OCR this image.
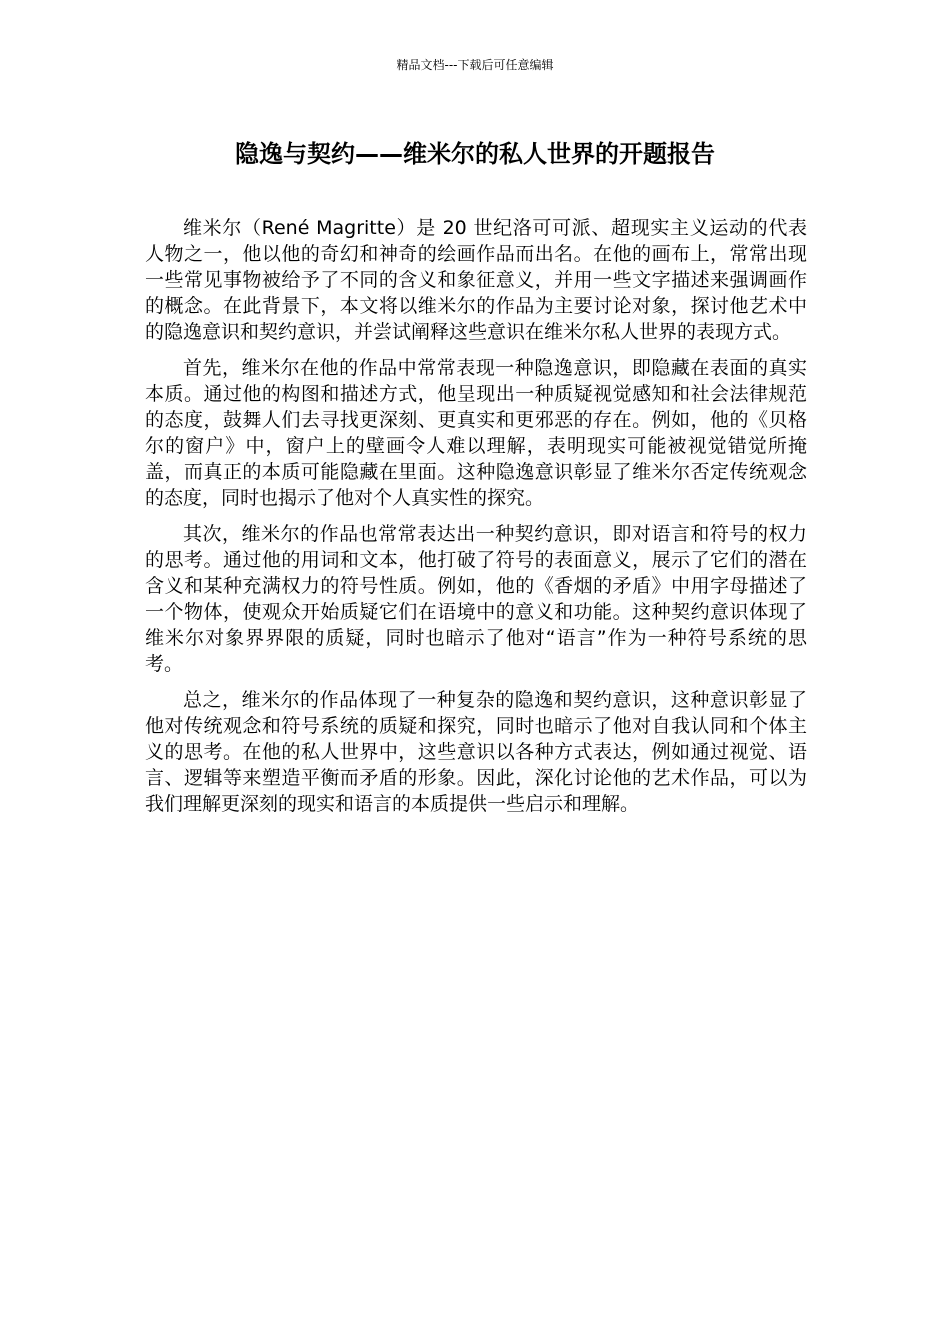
精品文档---下载后可任意编辑
隐逸与契约——维米尔的私人世界的开题报告

维米尔（René Magritte）是 20 世纪洛可可派、超现实主义运动的代表人物之一，他以他的奇幻和神奇的绘画作品而出名。在他的画布上，常常出现一些常见事物被给予了不同的含义和象征意义，并用一些文字描述来强调画作的概念。在此背景下，本文将以维米尔的作品为主要讨论对象，探讨他艺术中的隐逸意识和契约意识，并尝试阐释这些意识在维米尔私人世界的表现方式。

首先，维米尔在他的作品中常常表现一种隐逸意识，即隐藏在表面的真实本质。通过他的构图和描述方式，他呈现出一种质疑视觉感知和社会法律规范的态度，鼓舞人们去寻找更深刻、更真实和更邪恶的存在。例如，他的《贝格尔的窗户》中，窗户上的壁画令人难以理解，表明现实可能被视觉错觉所掩盖，而真正的本质可能隐藏在里面。这种隐逸意识彰显了维米尔否定传统观念的态度，同时也揭示了他对个人真实性的探究。

其次，维米尔的作品也常常表达出一种契约意识，即对语言和符号的权力的思考。通过他的用词和文本，他打破了符号的表面意义，展示了它们的潜在含义和某种充满权力的符号性质。例如，他的《香烟的矛盾》中用字母描述了一个物体，使观众开始质疑它们在语境中的意义和功能。这种契约意识体现了维米尔对象界界限的质疑，同时也暗示了他对“语言”作为一种符号系统的思考。

总之，维米尔的作品体现了一种复杂的隐逸和契约意识，这种意识彰显了他对传统观念和符号系统的质疑和探究，同时也暗示了他对自我认同和个体主义的思考。在他的私人世界中，这些意识以各种方式表达，例如通过视觉、语言、逻辑等来塑造平衡而矛盾的形象。因此，深化讨论他的艺术作品，可以为我们理解更深刻的现实和语言的本质提供一些启示和理解。
